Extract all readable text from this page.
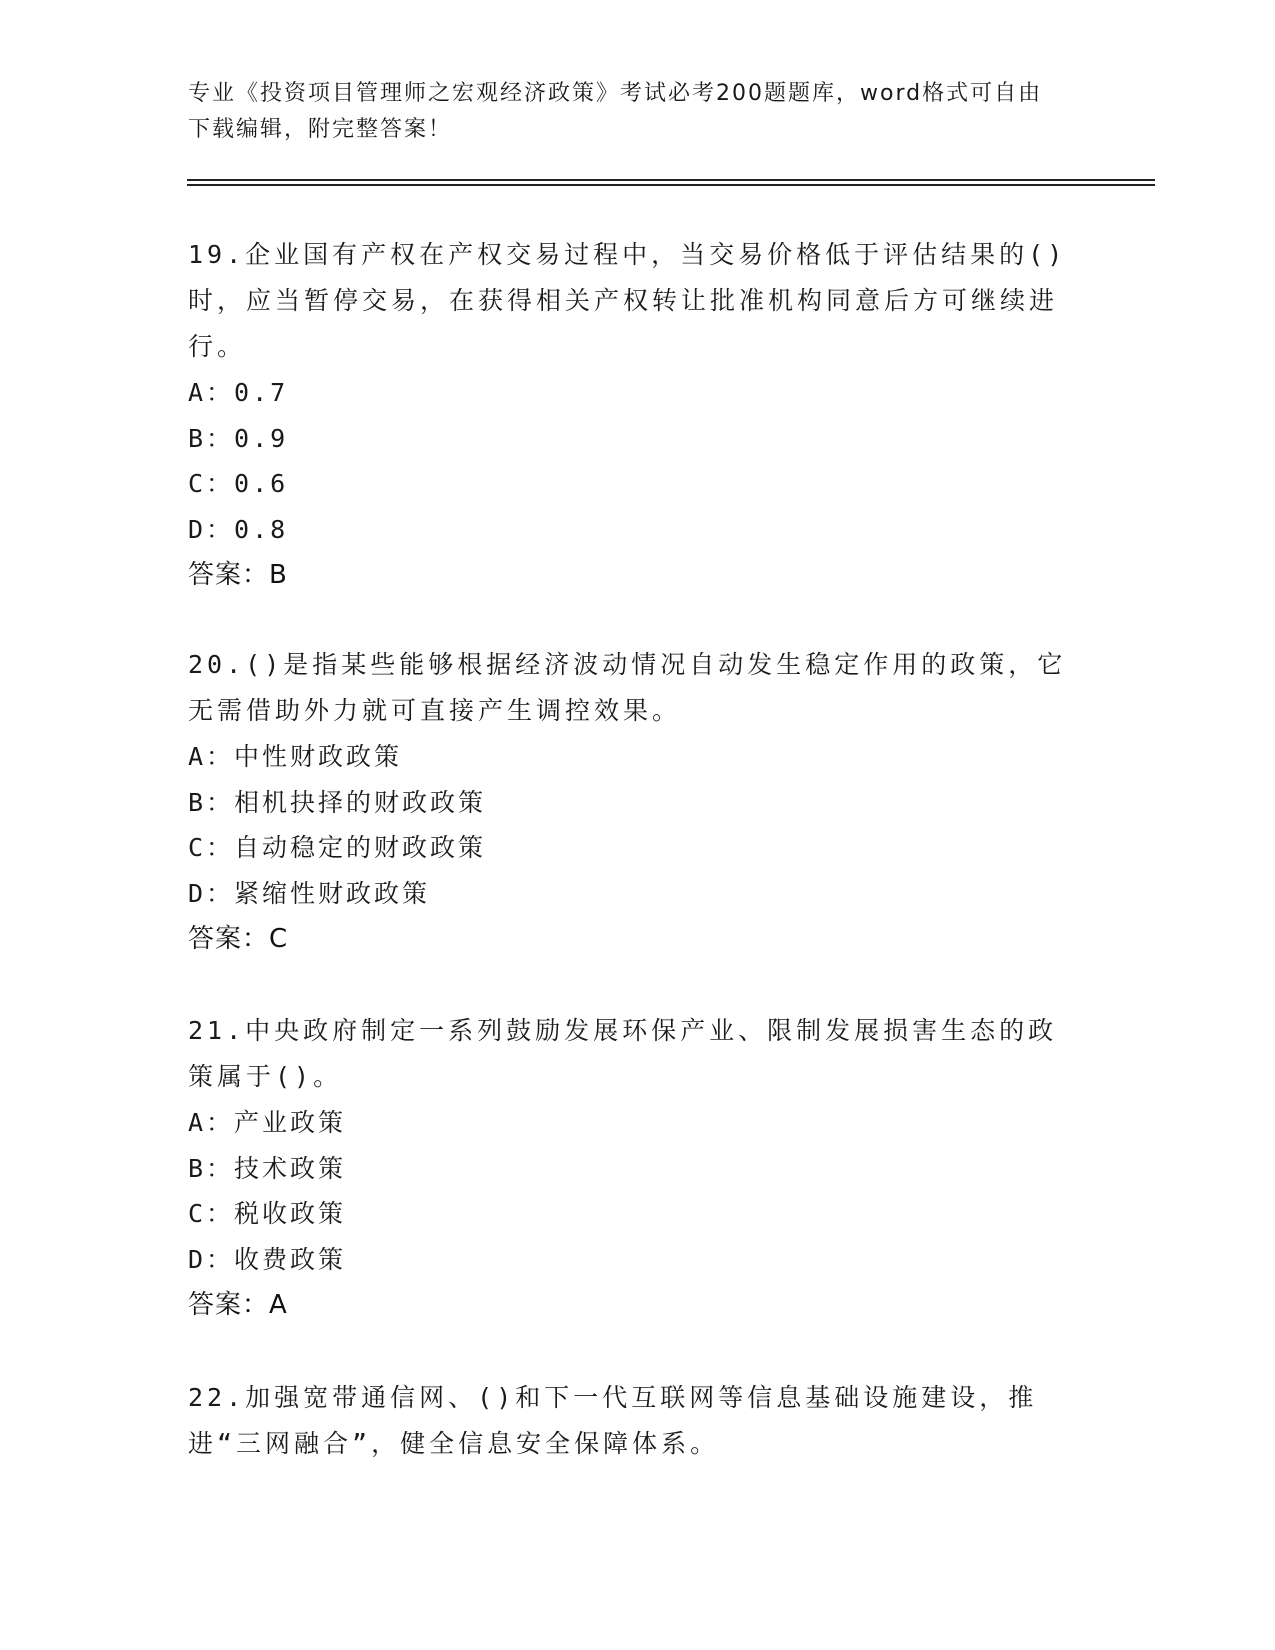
专业《投资项目管理师之宏观经济政策》考试必考200题题库，word格式可自由
下载编辑，附完整答案！

19.企业国有产权在产权交易过程中，当交易价格低于评估结果的()时，应当暂停交易，在获得相关产权转让批准机构同意后方可继续进行。

A：0.7

B：0.9

C：0.6

D：0.8

答案：B

20.()是指某些能够根据经济波动情况自动发生稳定作用的政策，它无需借助外力就可直接产生调控效果。

A：中性财政政策

B：相机抉择的财政政策

C：自动稳定的财政政策

D：紧缩性财政政策

答案：C

21.中央政府制定一系列鼓励发展环保产业、限制发展损害生态的政策属于()。

A：产业政策

B：技术政策

C：税收政策

D：收费政策

答案：A

22.加强宽带通信网、()和下一代互联网等信息基础设施建设，推进“三网融合”，健全信息安全保障体系。
